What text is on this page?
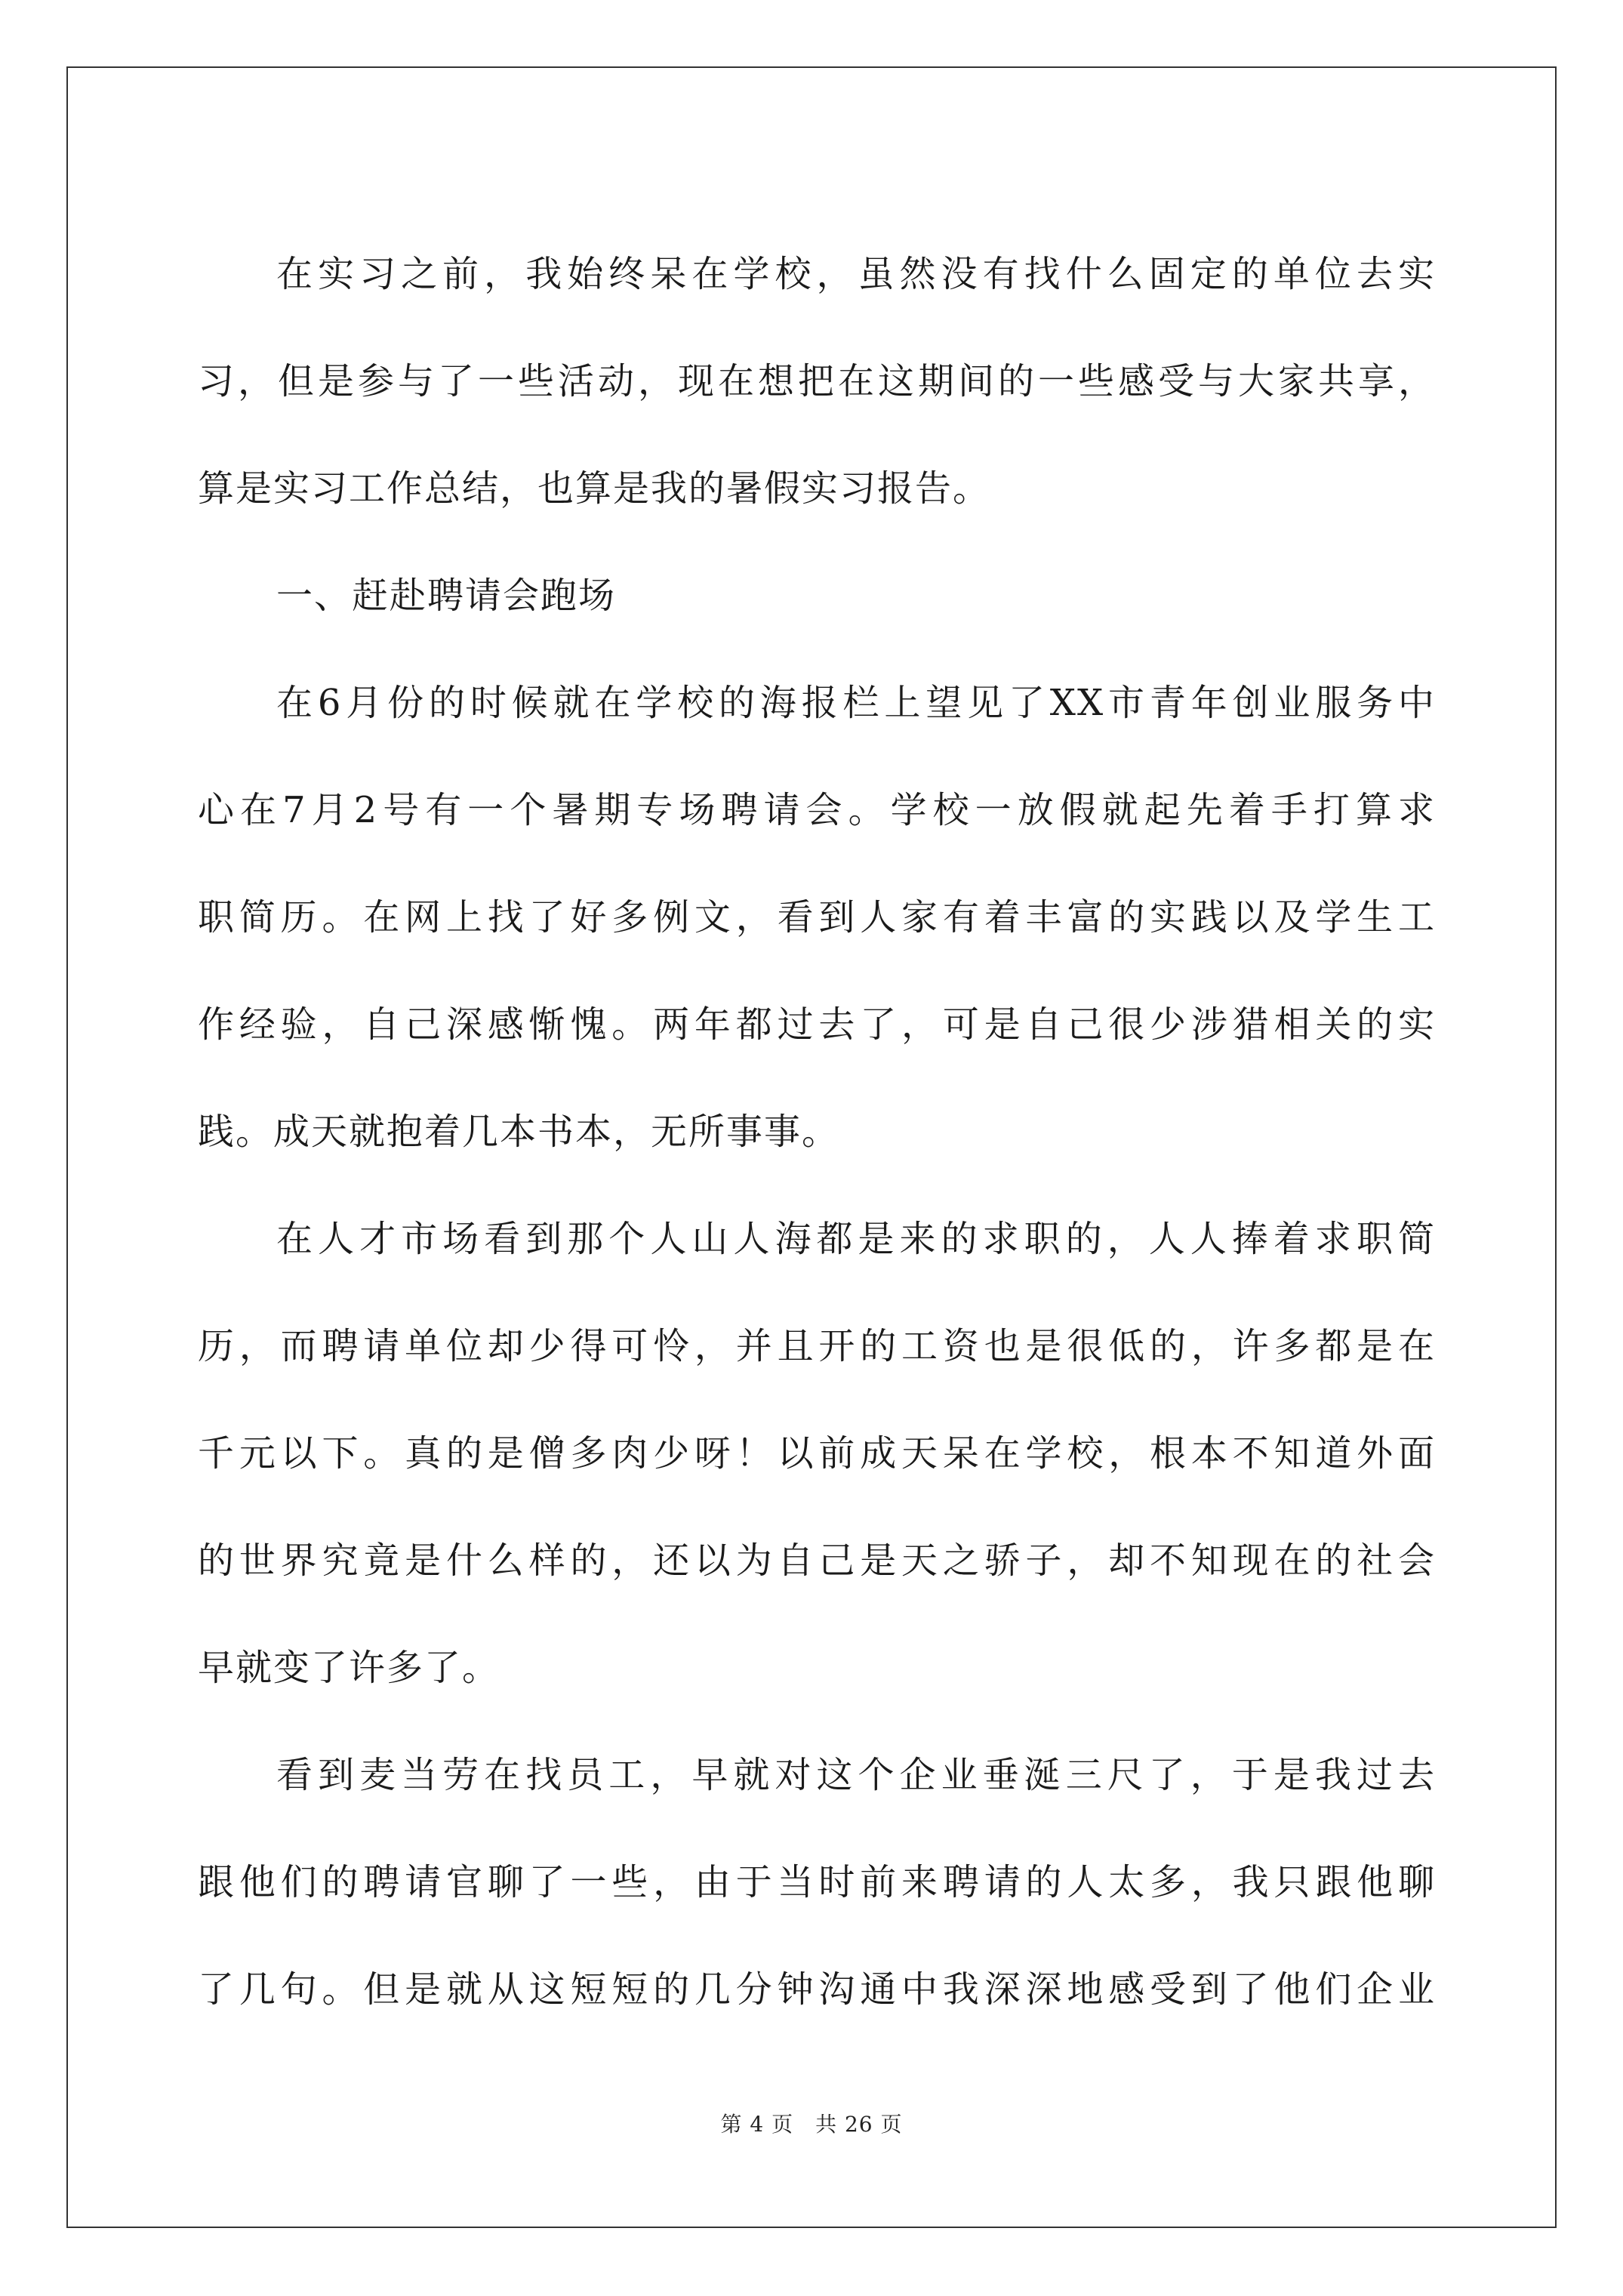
在实习之前，我始终呆在学校，虽然没有找什么固定的单位去实
习，但是参与了一些活动，现在想把在这期间的一些感受与大家共享，
算是实习工作总结，也算是我的暑假实习报告。
一、赶赴聘请会跑场
在6月份的时候就在学校的海报栏上望见了XX市青年创业服务中
心在7月2号有一个暑期专场聘请会。学校一放假就起先着手打算求
职简历。在网上找了好多例文，看到人家有着丰富的实践以及学生工
作经验，自己深感惭愧。两年都过去了，可是自己很少涉猎相关的实
践。成天就抱着几本书本，无所事事。
在人才市场看到那个人山人海都是来的求职的，人人捧着求职简
历，而聘请单位却少得可怜，并且开的工资也是很低的，许多都是在
千元以下。真的是僧多肉少呀！以前成天呆在学校，根本不知道外面
的世界究竟是什么样的，还以为自己是天之骄子，却不知现在的社会
早就变了许多了。
看到麦当劳在找员工，早就对这个企业垂涎三尺了，于是我过去
跟他们的聘请官聊了一些，由于当时前来聘请的人太多，我只跟他聊
了几句。但是就从这短短的几分钟沟通中我深深地感受到了他们企业
第 4 页　共 26 页
